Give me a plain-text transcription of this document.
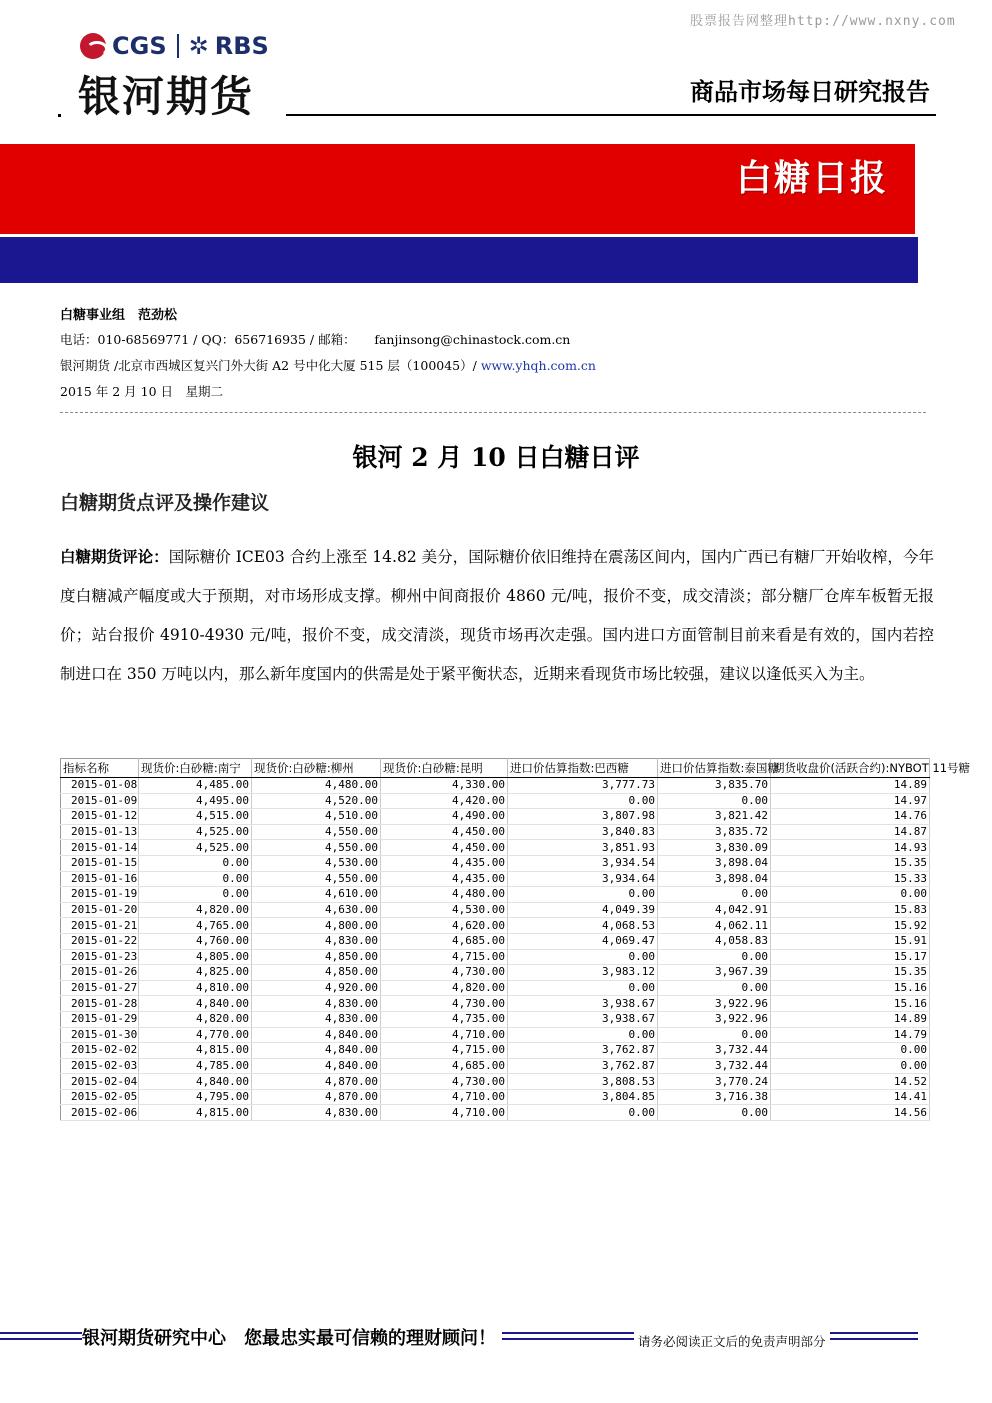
股票报告网整理http://www.nxny.com
CGS ✲ RBS
银河期货	商品市场每日研究报告
白糖日报
白糖事业组　范劲松
电话：010-68569771 / QQ：656716935 / 邮箱：　　fanjinsong@chinastock.com.cn
银河期货 /北京市西城区复兴门外大街 A2 号中化大厦 515 层（100045）/ www.yhqh.com.cn
2015 年 2 月 10 日　星期二
银河 2 月 10 日白糖日评
白糖期货点评及操作建议
白糖期货评论：国际糖价 ICE03 合约上涨至 14.82 美分，国际糖价依旧维持在震荡区间内，国内广西已有糖厂开始收榨，今年度白糖减产幅度或大于预期，对市场形成支撑。柳州中间商报价 4860 元/吨，报价不变，成交清淡；部分糖厂仓库车板暂无报价；站台报价 4910-4930 元/吨，报价不变，成交清淡，现货市场再次走强。国内进口方面管制目前来看是有效的，国内若控制进口在 350 万吨以内，那么新年度国内的供需是处于紧平衡状态，近期来看现货市场比较强，建议以逢低买入为主。
指标名称	现货价:白砂糖:南宁	现货价:白砂糖:柳州	现货价:白砂糖:昆明	进口价估算指数:巴西糖	进口价估算指数:泰国糖	期货收盘价(活跃合约):NYBOT 11号糖
2015-01-08	4,485.00	4,480.00	4,330.00	3,777.73	3,835.70	14.89
2015-01-09	4,495.00	4,520.00	4,420.00	0.00	0.00	14.97
2015-01-12	4,515.00	4,510.00	4,490.00	3,807.98	3,821.42	14.76
2015-01-13	4,525.00	4,550.00	4,450.00	3,840.83	3,835.72	14.87
2015-01-14	4,525.00	4,550.00	4,450.00	3,851.93	3,830.09	14.93
2015-01-15	0.00	4,530.00	4,435.00	3,934.54	3,898.04	15.35
2015-01-16	0.00	4,550.00	4,435.00	3,934.64	3,898.04	15.33
2015-01-19	0.00	4,610.00	4,480.00	0.00	0.00	0.00
2015-01-20	4,820.00	4,630.00	4,530.00	4,049.39	4,042.91	15.83
2015-01-21	4,765.00	4,800.00	4,620.00	4,068.53	4,062.11	15.92
2015-01-22	4,760.00	4,830.00	4,685.00	4,069.47	4,058.83	15.91
2015-01-23	4,805.00	4,850.00	4,715.00	0.00	0.00	15.17
2015-01-26	4,825.00	4,850.00	4,730.00	3,983.12	3,967.39	15.35
2015-01-27	4,810.00	4,920.00	4,820.00	0.00	0.00	15.16
2015-01-28	4,840.00	4,830.00	4,730.00	3,938.67	3,922.96	15.16
2015-01-29	4,820.00	4,830.00	4,735.00	3,938.67	3,922.96	14.89
2015-01-30	4,770.00	4,840.00	4,710.00	0.00	0.00	14.79
2015-02-02	4,815.00	4,840.00	4,715.00	3,762.87	3,732.44	0.00
2015-02-03	4,785.00	4,840.00	4,685.00	3,762.87	3,732.44	0.00
2015-02-04	4,840.00	4,870.00	4,730.00	3,808.53	3,770.24	14.52
2015-02-05	4,795.00	4,870.00	4,710.00	3,804.85	3,716.38	14.41
2015-02-06	4,815.00	4,830.00	4,710.00	0.00	0.00	14.56
银河期货研究中心　您最忠实最可信赖的理财顾问！	请务必阅读正文后的免责声明部分
